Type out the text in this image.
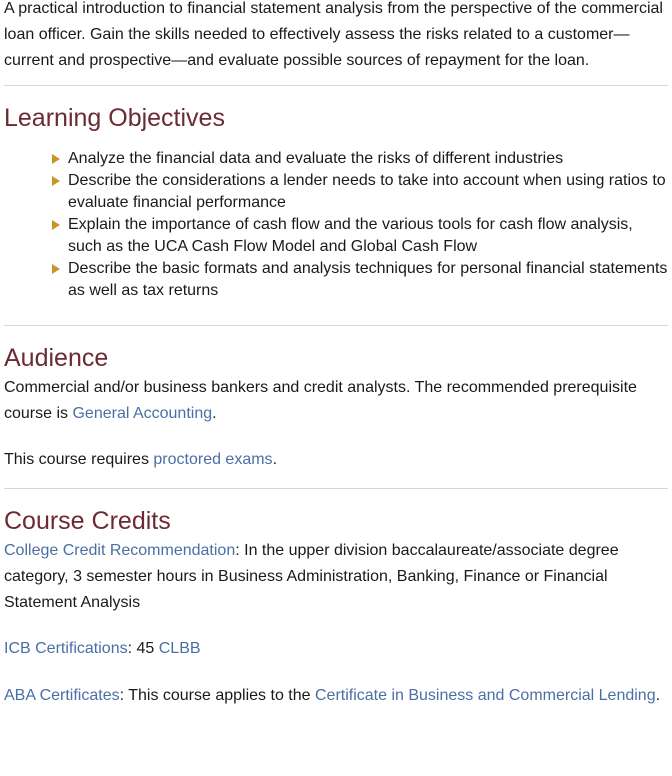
A practical introduction to financial statement analysis from the perspective of the commercial loan officer. Gain the skills needed to effectively assess the risks related to a customer—current and prospective—and evaluate possible sources of repayment for the loan.

Learning Objectives
Analyze the financial data and evaluate the risks of different industries
Describe the considerations a lender needs to take into account when using ratios to evaluate financial performance
Explain the importance of cash flow and the various tools for cash flow analysis, such as the UCA Cash Flow Model and Global Cash Flow
Describe the basic formats and analysis techniques for personal financial statements as well as tax returns
Audience

Commercial and/or business bankers and credit analysts. The recommended prerequisite course is General Accounting.

This course requires proctored exams.

Course Credits

College Credit Recommendation: In the upper division baccalaureate/associate degree category, 3 semester hours in Business Administration, Banking, Finance or Financial Statement Analysis

ICB Certifications: 45 CLBB

ABA Certificates: This course applies to the Certificate in Business and Commercial Lending.
